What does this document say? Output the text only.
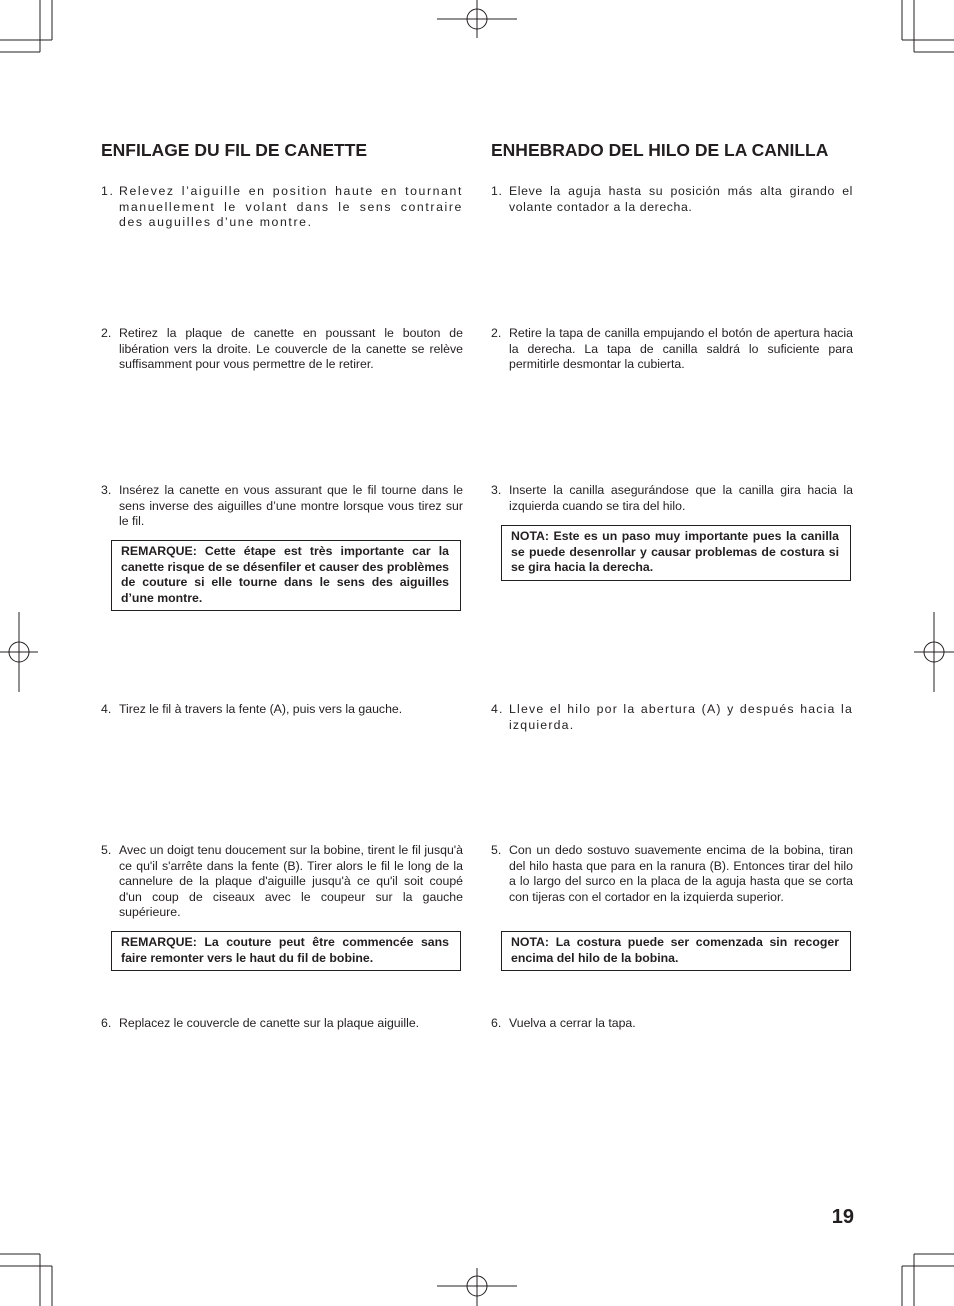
ENFILAGE DU FIL DE CANETTE
1. Relevez l’aiguille en position haute en tournant manuellement le volant dans le sens contraire des auguilles d’une montre.
2. Retirez la plaque de canette en poussant le bouton de libération vers la droite. Le couvercle de la canette se relève suffisamment pour vous permettre de le retirer.
3. Insérez la canette en vous assurant que le fil tourne dans le sens inverse des aiguilles d’une montre lorsque vous tirez sur le fil.
REMARQUE: Cette étape est très importante car la canette risque de se désenfiler et causer des problèmes de couture si elle tourne dans le sens des aiguilles d’une montre.
4. Tirez le fil à travers la fente (A), puis vers la gauche.
5. Avec un doigt tenu doucement sur la bobine, tirent le fil jusqu'à ce qu'il s'arrête dans la fente (B). Tirer alors le fil le long de la cannelure de la plaque d'aiguille jusqu'à ce qu'il soit coupé d'un coup de ciseaux avec le coupeur sur la gauche supérieure.
REMARQUE: La couture peut être commencée sans faire remonter vers le haut du fil de bobine.
6. Replacez le couvercle de canette sur la plaque aiguille.
ENHEBRADO DEL HILO DE LA CANILLA
1. Eleve la aguja hasta su posición más alta girando el volante contador a la derecha.
2. Retire la tapa de canilla empujando el botón de apertura hacia la derecha. La tapa de canilla saldrá lo suficiente para permitirle desmontar la cubierta.
3. Inserte la canilla asegurándose que la canilla gira hacia la izquierda cuando se tira del hilo.
NOTA: Este es un paso muy importante pues la canilla se puede desenrollar y causar problemas de costura si se gira hacia la derecha.
4. Lleve el hilo por la abertura (A) y después hacia la izquierda.
5. Con un dedo sostuvo suavemente encima de la bobina, tiran del hilo hasta que para en la ranura (B). Entonces tirar del hilo a lo largo del surco en la placa de la aguja hasta que se corta con tijeras con el cortador en la izquierda superior.
NOTA: La costura puede ser comenzada sin recoger encima del hilo de la bobina.
6. Vuelva a cerrar la tapa.
19
